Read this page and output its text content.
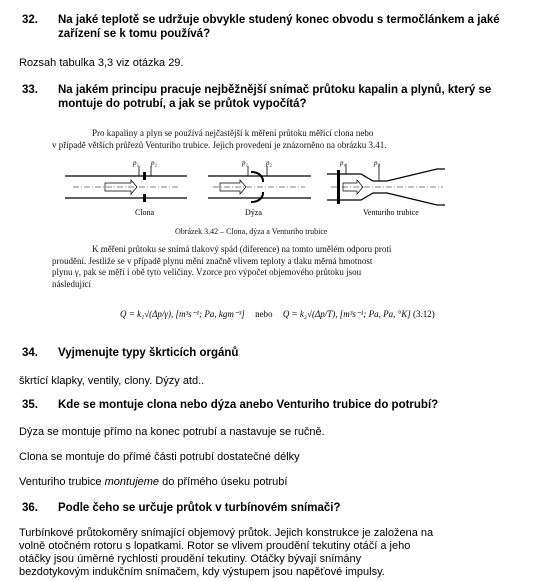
32. Na jaké teplotě se udržuje obvykle studený konec obvodu s termočlánkem a jaké zařízení se k tomu používá?
Rozsah tabulka 3,3 viz otázka 29.
33. Na jakém principu pracuje nejběžnější snímač průtoku kapalin a plynů, který se montuje do potrubí, a jak se průtok vypočítá?
Pro kapaliny a plyn se používá nejčastější k měření průtoku měřící clona nebo
v případě větších průřezů Venturiho trubice. Jejich provedení je znázorněno na obrázku 3.41.
p₁ p₂
Clona
p₁	p₂
Dýza
p₁	p₂
Venturiho trubice
Obrázek 3.42 – Clona, dýza a Venturiho trubice
K měření průtoku se snímá tlakový spád (diference) na tomto umělém odporu proti
proudění. Jestliže se v případě plynu mění značně vlivem teploty a tlaku měrná hmotnost
plynu γ, pak se měří i obě tyto veličiny. Vzorce pro výpočet objemového průtoku jsou
následující
Q = k₁√(Δp/γ), [m³s⁻¹; Pa, kgm⁻³] nebo Q = k₂√(Δp/T), [m³s⁻¹; Pa, Pa, °K] (3.12)
34. Vyjmenujte typy škrticích orgánů
škrtící klapky, ventily, clony. Dýzy atd..
35. Kde se montuje clona nebo dýza anebo Venturiho trubice do potrubí?
Dýza se montuje přímo na konec potrubí a nastavuje se ručně.
Clona se montuje do přímé části potrubí dostatečné délky
Venturiho trubice montujeme do přímého úseku potrubí
36. Podle čeho se určuje průtok v turbínovém snímači?
Turbínkové průtokoměry snímající objemový průtok. Jejich konstrukce je založena na
volně otočném rotoru s lopatkami. Rotor se vlivem proudění tekutiny otáčí a jeho
otáčky jsou úměrné rychlosti proudění tekutiny. Otáčky bývají snímány
bezdotykovým indukčním snímačem, kdy výstupem jsou napěťové impulsy.
